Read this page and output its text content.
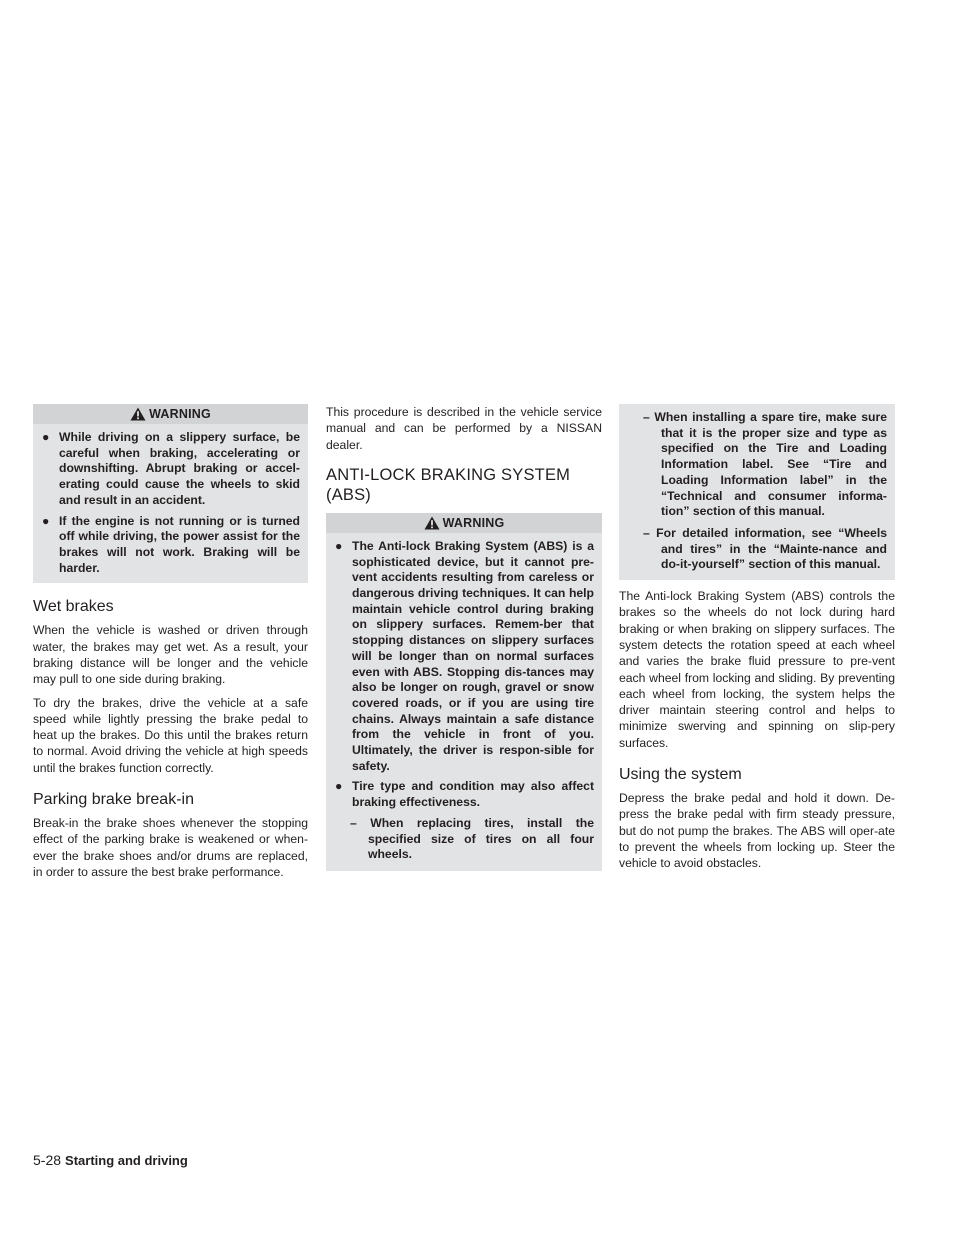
WARNING
● While driving on a slippery surface, be careful when braking, accelerating or downshifting. Abrupt braking or accel-erating could cause the wheels to skid and result in an accident.
● If the engine is not running or is turned off while driving, the power assist for the brakes will not work. Braking will be harder.
Wet brakes

When the vehicle is washed or driven through water, the brakes may get wet. As a result, your braking distance will be longer and the vehicle may pull to one side during braking.

To dry the brakes, drive the vehicle at a safe speed while lightly pressing the brake pedal to heat up the brakes. Do this until the brakes return to normal. Avoid driving the vehicle at high speeds until the brakes function correctly.

Parking brake break-in

Break-in the brake shoes whenever the stopping effect of the parking brake is weakened or when-ever the brake shoes and/or drums are replaced, in order to assure the best brake performance.

This procedure is described in the vehicle service manual and can be performed by a NISSAN dealer.

ANTI-LOCK BRAKING SYSTEM
(ABS)
WARNING
● The Anti-lock Braking System (ABS) is a sophisticated device, but it cannot pre-vent accidents resulting from careless or dangerous driving techniques. It can help maintain vehicle control during braking on slippery surfaces. Remem-ber that stopping distances on slippery surfaces will be longer than on normal surfaces even with ABS. Stopping dis-tances may also be longer on rough, gravel or snow covered roads, or if you are using tire chains. Always maintain a safe distance from the vehicle in front of you. Ultimately, the driver is respon-sible for safety.
● Tire type and condition may also affect braking effectiveness.
– When replacing tires, install the specified size of tires on all four wheels.
– When installing a spare tire, make sure that it is the proper size and type as specified on the Tire and Loading Information label. See “Tire and Loading Information label” in the “Technical and consumer informa-tion” section of this manual.
– For detailed information, see “Wheels and tires” in the “Mainte-nance and do-it-yourself” section of this manual.

The Anti-lock Braking System (ABS) controls the brakes so the wheels do not lock during hard braking or when braking on slippery surfaces. The system detects the rotation speed at each wheel and varies the brake fluid pressure to pre-vent each wheel from locking and sliding. By preventing each wheel from locking, the system helps the driver maintain steering control and helps to minimize swerving and spinning on slip-pery surfaces.

Using the system

Depress the brake pedal and hold it down. De-press the brake pedal with firm steady pressure, but do not pump the brakes. The ABS will oper-ate to prevent the wheels from locking up. Steer the vehicle to avoid obstacles.

5-28 Starting and driving
